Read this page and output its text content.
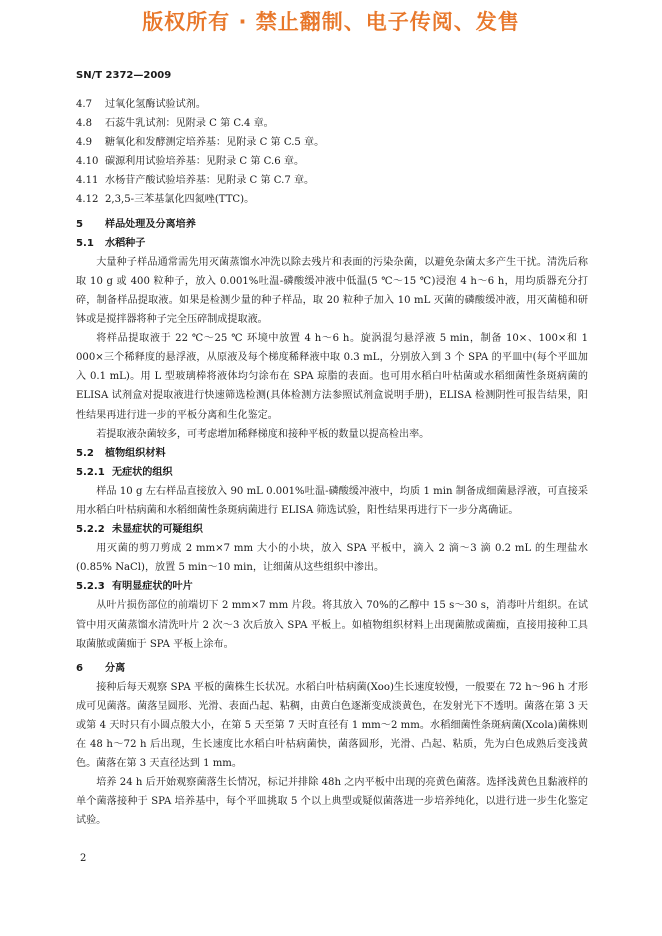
版权所有 · 禁止翻制、电子传阅、发售
SN/T 2372—2009
4.7 过氧化氢酶试验试剂。
4.8 石蕊牛乳试剂：见附录 C 第 C.4 章。
4.9 糖氧化和发酵测定培养基：见附录 C 第 C.5 章。
4.10 碳源利用试验培养基：见附录 C 第 C.6 章。
4.11 水杨苷产酸试验培养基：见附录 C 第 C.7 章。
4.12 2,3,5-三苯基氯化四氮唑(TTC)。
5 样品处理及分离培养
5.1 水稻种子
大量种子样品通常需先用灭菌蒸馏水冲洗以除去残片和表面的污染杂菌，以避免杂菌太多产生干扰。清洗后称取 10 g 或 400 粒种子，放入 0.001%吐温-磷酸缓冲液中低温(5 ℃～15 ℃)浸泡 4 h～6 h，用均质器充分打碎，制备样品提取液。如果是检测少量的种子样品，取 20 粒种子加入 10 mL 灭菌的磷酸缓冲液，用灭菌槌和研钵或是搅拌器将种子完全压碎制成提取液。
将样品提取液于 22 ℃～25 ℃ 环境中放置 4 h～6 h。旋涡混匀悬浮液 5 min，制备 10×、100×和 1 000×三个稀释度的悬浮液，从原液及每个梯度稀释液中取 0.3 mL，分别放入到 3 个 SPA 的平皿中(每个平皿加入 0.1 mL)。用 L 型玻璃棒将液体均匀涂布在 SPA 琼脂的表面。也可用水稻白叶枯菌或水稻细菌性条斑病菌的 ELISA 试剂盒对提取液进行快速筛选检测(具体检测方法参照试剂盒说明手册)，ELISA 检测阴性可报告结果，阳性结果再进行进一步的平板分离和生化鉴定。
若提取液杂菌较多，可考虑增加稀释梯度和接种平板的数量以提高检出率。
5.2 植物组织材料
5.2.1 无症状的组织
样品 10 g 左右样品直接放入 90 mL 0.001%吐温-磷酸缓冲液中，均质 1 min 制备成细菌悬浮液，可直接采用水稻白叶枯病菌和水稻细菌性条斑病菌进行 ELISA 筛选试验，阳性结果再进行下一步分离确证。
5.2.2 未显症状的可疑组织
用灭菌的剪刀剪成 2 mm×7 mm 大小的小块，放入 SPA 平板中，滴入 2 滴～3 滴 0.2 mL 的生理盐水(0.85% NaCl)，放置 5 min～10 min，让细菌从这些组织中渗出。
5.2.3 有明显症状的叶片
从叶片损伤部位的前端切下 2 mm×7 mm 片段。将其放入 70%的乙醇中 15 s～30 s，消毒叶片组织。在试管中用灭菌蒸馏水清洗叶片 2 次～3 次后放入 SPA 平板上。如植物组织材料上出现菌脓或菌痂，直接用接种工具取菌脓或菌痂于 SPA 平板上涂布。
6 分离
接种后每天观察 SPA 平板的菌株生长状况。水稻白叶枯病菌(Xoo)生长速度较慢，一般要在 72 h～96 h 才形成可见菌落。菌落呈圆形、光滑、表面凸起、粘稠，由黄白色逐渐变成淡黄色，在发射光下不透明。菌落在第 3 天或第 4 天时只有小圆点般大小，在第 5 天至第 7 天时直径有 1 mm～2 mm。水稻细菌性条斑病菌(Xcola)菌株则在 48 h～72 h 后出现，生长速度比水稻白叶枯病菌快，菌落圆形，光滑、凸起、粘质，先为白色成熟后变浅黄色。菌落在第 3 天直径达到 1 mm。
培养 24 h 后开始观察菌落生长情况，标记并排除 48h 之内平板中出现的亮黄色菌落。选择浅黄色且黏液样的单个菌落接种于 SPA 培养基中，每个平皿挑取 5 个以上典型或疑似菌落进一步培养纯化，以进行进一步生化鉴定试验。
2
